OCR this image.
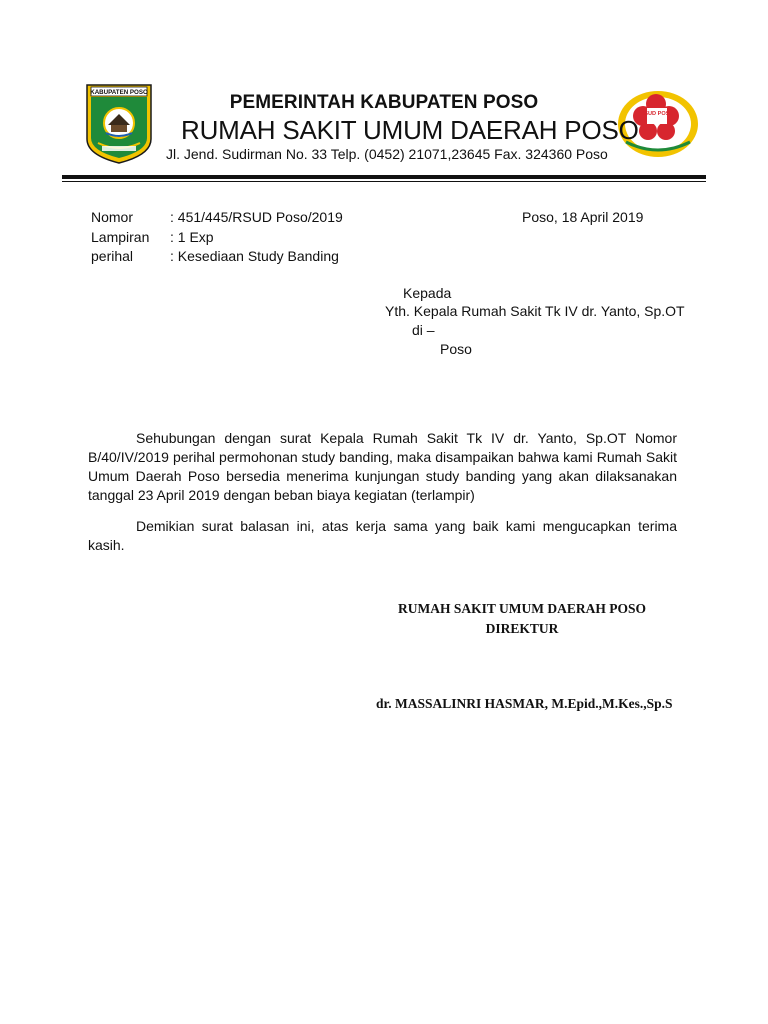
KABUPATEN POSO
RSUD POSO
PEMERINTAH KABUPATEN POSO
RUMAH SAKIT UMUM DAERAH POSO
Jl. Jend. Sudirman No. 33 Telp. (0452) 21071,23645 Fax. 324360 Poso
Nomor	: 451/445/RSUD Poso/2019
Lampiran : 1 Exp
perihal	: Kesediaan Study Banding
Poso, 18 April 2019
Kepada
Yth. Kepala Rumah Sakit Tk IV dr. Yanto, Sp.OT
di –
Poso

Sehubungan dengan surat Kepala Rumah Sakit Tk IV dr. Yanto, Sp.OT Nomor B/40/IV/2019 perihal permohonan study banding, maka disampaikan bahwa kami Rumah Sakit Umum Daerah Poso bersedia menerima kunjungan study banding yang akan dilaksanakan tanggal 23 April 2019 dengan beban biaya kegiatan (terlampir)

Demikian surat balasan ini, atas kerja sama yang baik kami mengucapkan terima kasih.

RUMAH SAKIT UMUM DAERAH POSO
DIREKTUR
dr. MASSALINRI HASMAR, M.Epid.,M.Kes.,Sp.S
